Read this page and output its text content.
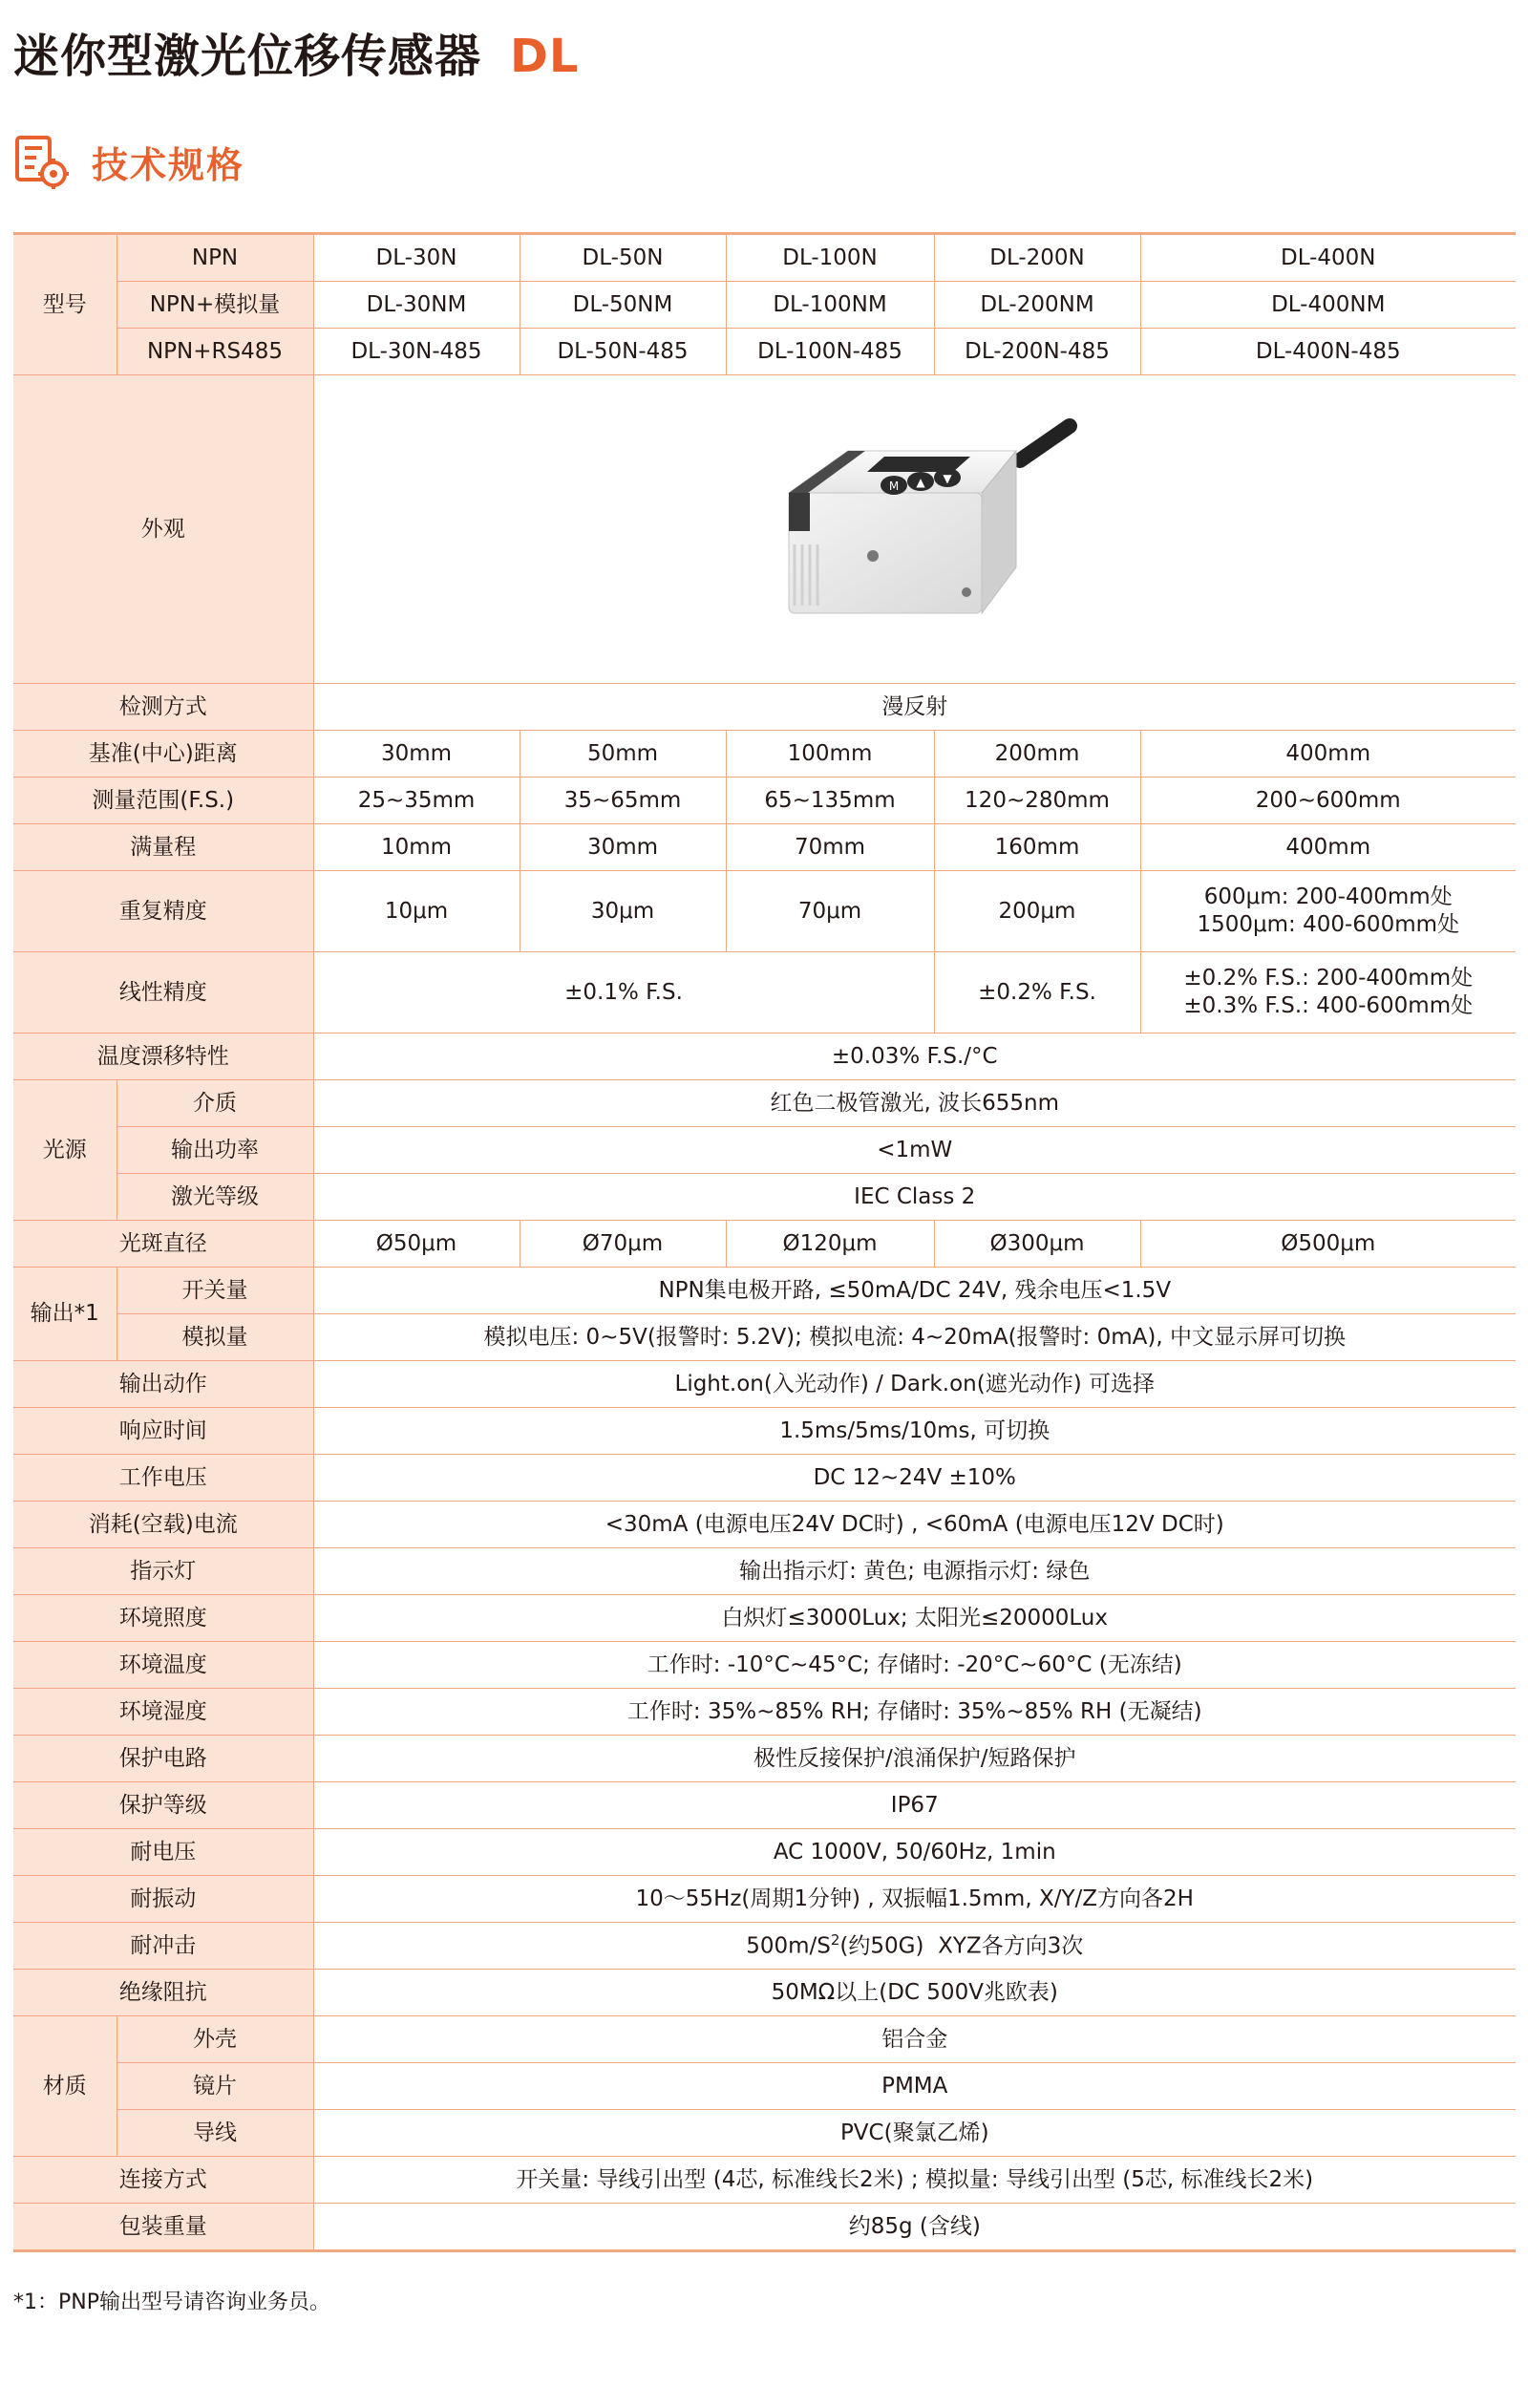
迷你型激光位移传感器 DL
技术规格
型号	NPN	DL-30N	DL-50N	DL-100N	DL-200N	DL-400N
	NPN+模拟量	DL-30NM	DL-50NM	DL-100NM	DL-200NM	DL-400NM
	NPN+RS485	DL-30N-485	DL-50N-485	DL-100N-485	DL-200N-485	DL-400N-485
外观		M ▲ ▼				

检测方式		漫反射				
基准(中心)距离		30mm	50mm	100mm	200mm	400mm
测量范围(F.S.)		25~35mm	35~65mm	65~135mm	120~280mm	200~600mm
满量程		10mm	30mm	70mm	160mm	400mm
重复精度		10μm	30μm	70μm	200μm	600μm: 200-400mm处
1500μm: 400-600mm处
线性精度		±0.1% F.S.			±0.2% F.S.	±0.2% F.S.: 200-400mm处
±0.3% F.S.: 400-600mm处
温度漂移特性		±0.03% F.S./°C				
光源	介质	红色二极管激光, 波长655nm				
	输出功率	<1mW				
	激光等级	IEC Class 2				
光斑直径		Ø50μm	Ø70μm	Ø120μm	Ø300μm	Ø500μm
输出*1	开关量	NPN集电极开路, ≤50mA/DC 24V, 残余电压<1.5V				
	模拟量	模拟电压: 0~5V(报警时: 5.2V); 模拟电流: 4~20mA(报警时: 0mA), 中文显示屏可切换				
输出动作		Light.on(入光动作) / Dark.on(遮光动作) 可选择				
响应时间		1.5ms/5ms/10ms, 可切换				
工作电压		DC 12~24V ±10%				
消耗(空载)电流		<30mA (电源电压24V DC时) , <60mA (电源电压12V DC时)				
指示灯		输出指示灯: 黄色; 电源指示灯: 绿色				
环境照度		白炽灯≤3000Lux; 太阳光≤20000Lux				
环境温度		工作时: -10°C~45°C; 存储时: -20°C~60°C (无冻结)				
环境湿度		工作时: 35%~85% RH; 存储时: 35%~85% RH (无凝结)				
保护电路		极性反接保护/浪涌保护/短路保护				
保护等级		IP67				
耐电压		AC 1000V, 50/60Hz, 1min				
耐振动		10〜55Hz(周期1分钟) , 双振幅1.5mm, X/Y/Z方向各2H				
耐冲击		$500m/S^2$(约50G)  XYZ各方向3次				
绝缘阻抗		50MΩ以上(DC 500V兆欧表)				
材质	外壳	铝合金				
	镜片	PMMA				
	导线	PVC(聚氯乙烯)				
连接方式		开关量: 导线引出型 (4芯, 标准线长2米) ; 模拟量: 导线引出型 (5芯, 标准线长2米)				
包装重量		约85g (含线)				
*1：PNP输出型号请咨询业务员。
